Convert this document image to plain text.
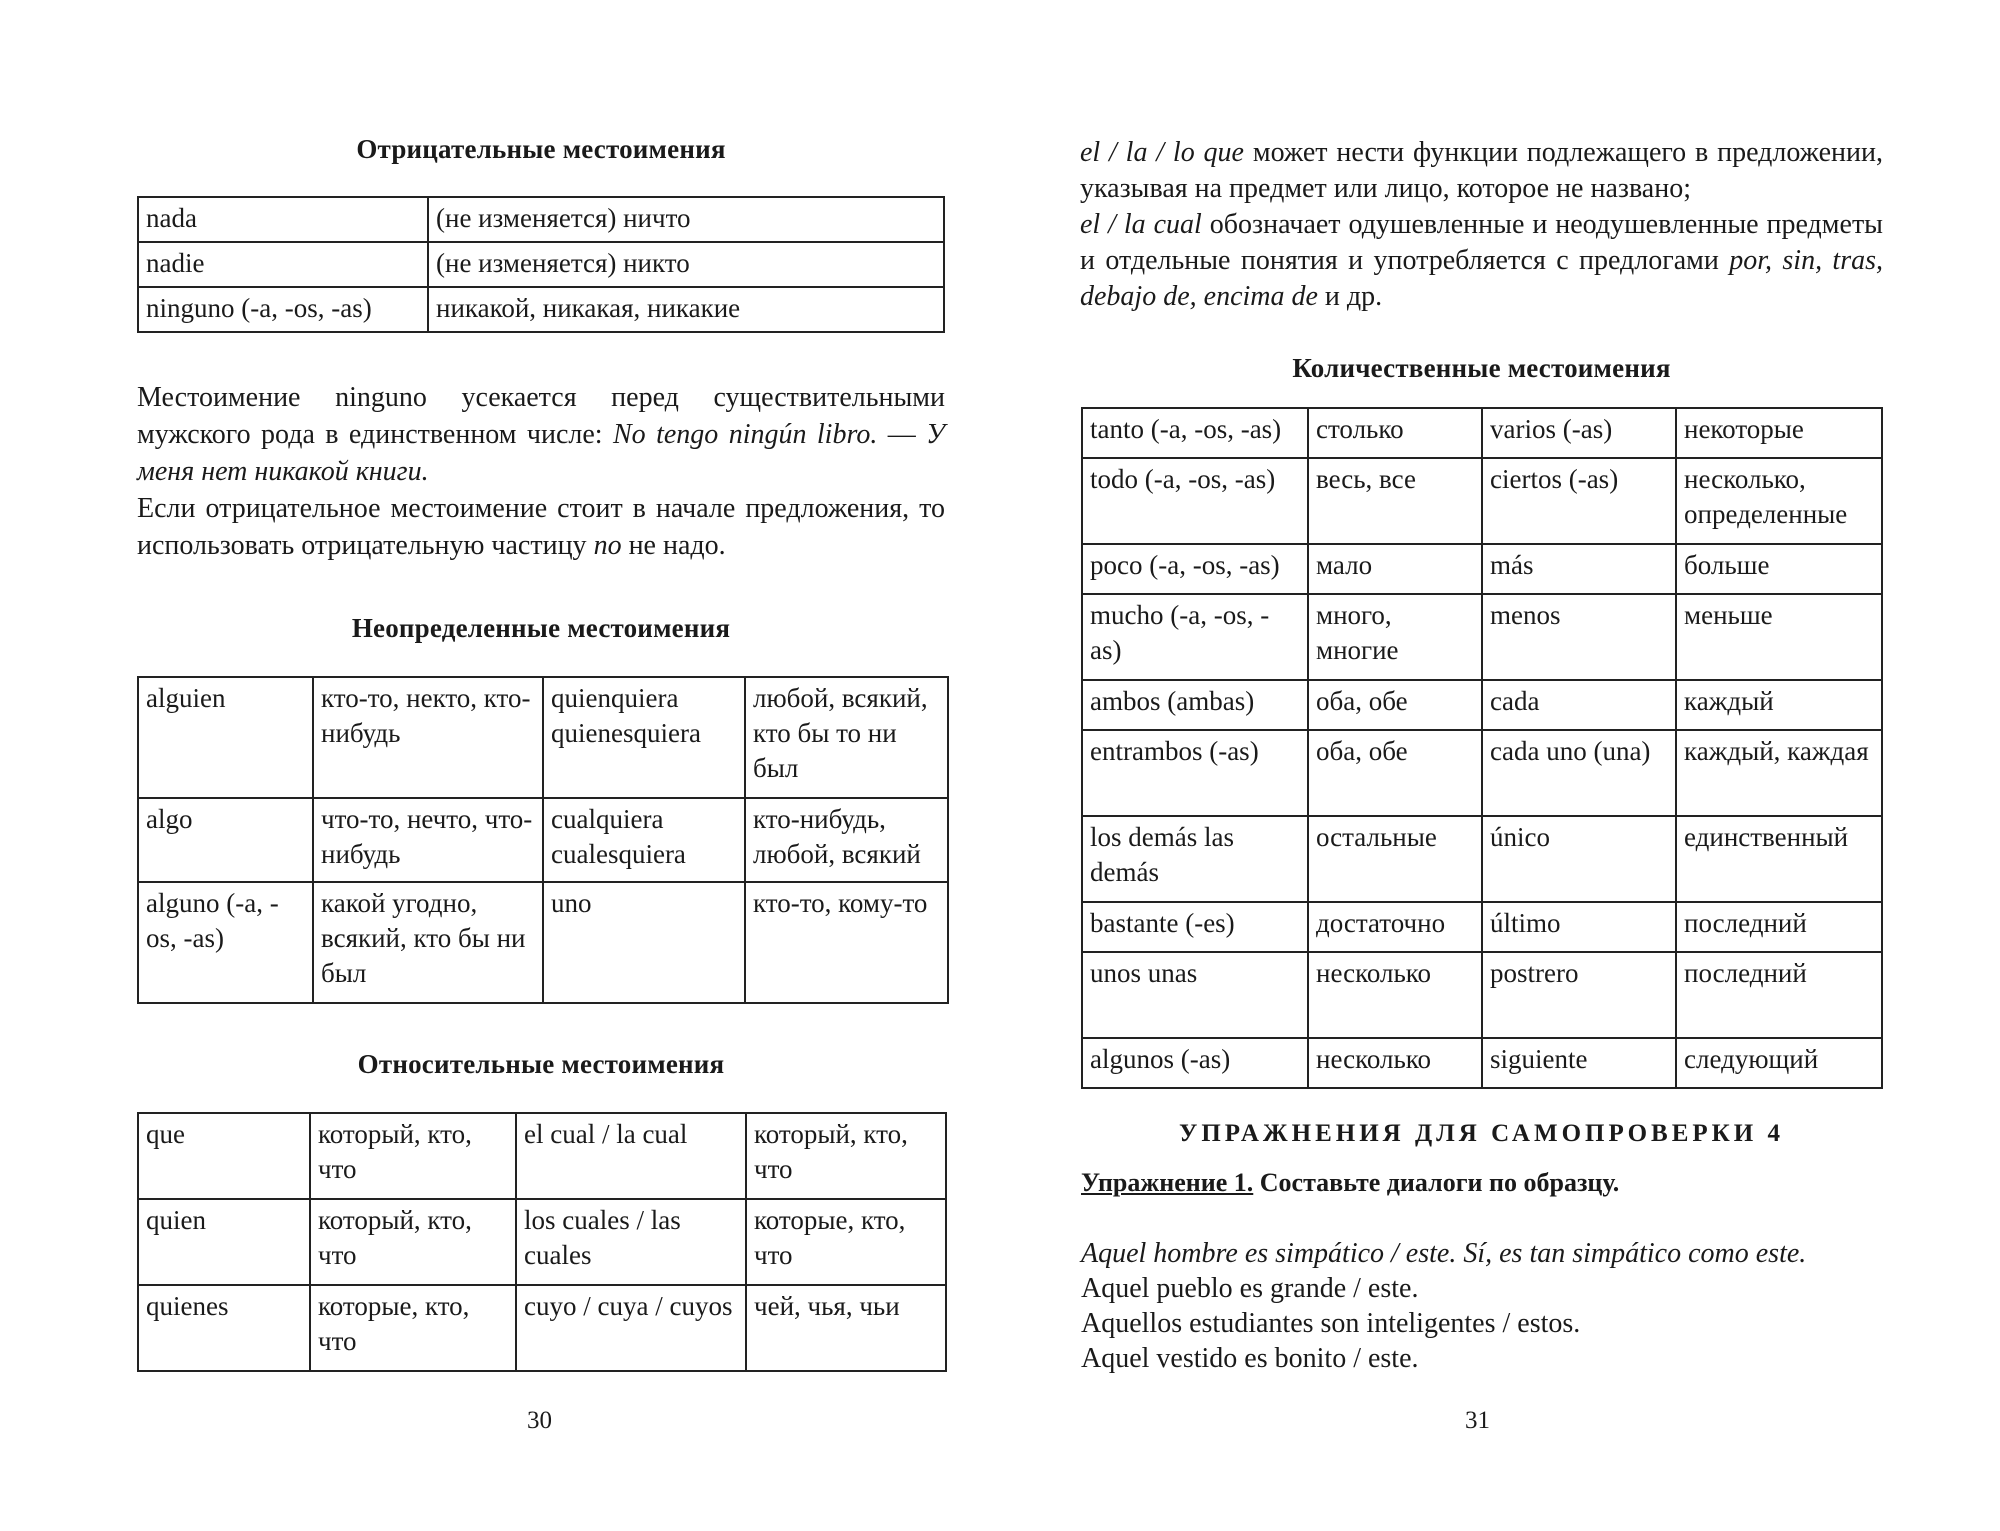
Отрицательные местоимения
nada	(не изменяется) ничто
nadie	(не изменяется) никто
ninguno (-a, -os, -as)	никакой, никакая, никакие

Местоимение ninguno усекается перед существительными мужского рода в единственном числе: No tengo ningún libro. — У меня нет никакой книги.

Если отрицательное местоимение стоит в начале предложения, то использовать отрицательную частицу no не надо.

Неопределенные местоимения
alguien	кто-то, некто, кто-нибудь	quienquiera quienesquiera	любой, всякий, кто бы то ни был
algo	что-то, нечто, что-нибудь	cualquiera cualesquiera	кто-нибудь, любой, всякий
alguno (-a, -os, -as)	какой угодно, всякий, кто бы ни был	uno	кто-то, кому-то
Относительные местоимения
que	который, кто, что	el cual / la cual	который, кто, что
quien	который, кто, что	los cuales / las cuales	которые, кто, что
quienes	которые, кто, что	cuyo / cuya / cuyos	чей, чья, чьи
30

el / la / lo que может нести функции подлежащего в предложении, указывая на предмет или лицо, которое не названо;

el / la cual обозначает одушевленные и неодушевленные предметы и отдельные понятия и употребляется с предлогами por, sin, tras, debajo de, encima de и др.

Количественные местоимения
tanto (-a, -os, -as)	столько	varios (-as)	некоторые
todo (-a, -os, -as)	весь, все	ciertos (-as)	несколько, определенные
poco (-a, -os, -as)	мало	más	больше
mucho (-a, -os, -as)	много, многие	menos	меньше
ambos (ambas)	оба, обе	cada	каждый
entrambos (-as)	оба, обе	cada uno (una)	каждый, каждая
los demás las demás	остальные	único	единственный
bastante (-es)	достаточно	último	последний
unos unas	несколько	postrero	последний
algunos (-as)	несколько	siguiente	следующий
УПРАЖНЕНИЯ ДЛЯ САМОПРОВЕРКИ 4

Упражнение 1. Составьте диалоги по образцу.

Aquel hombre es simpático / este. Sí, es tan simpático como este.
Aquel pueblo es grande / este.
Aquellos estudiantes son inteligentes / estos.
Aquel vestido es bonito / este.
31
